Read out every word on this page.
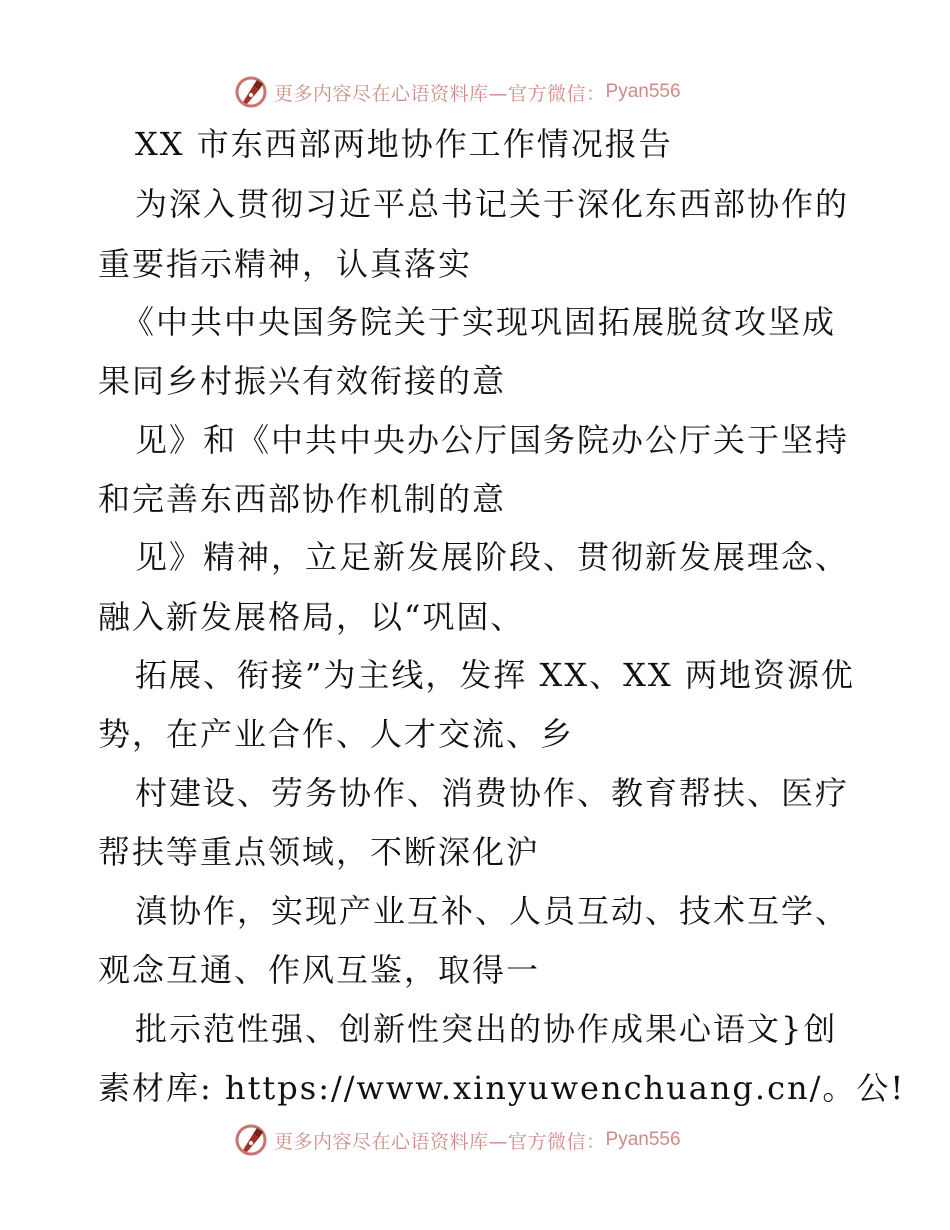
更多内容尽在心语资料库—官方微信： Pyan556
XX 市东西部两地协作工作情况报告
为深入贯彻习近平总书记关于深化东西部协作的
重要指示精神，认真落实
《中共中央国务院关于实现巩固拓展脱贫攻坚成
果同乡村振兴有效衔接的意
见》和《中共中央办公厅国务院办公厅关于坚持
和完善东西部协作机制的意
见》精神，立足新发展阶段、贯彻新发展理念、
融入新发展格局，以“巩固、
拓展、衔接”为主线，发挥 XX、XX 两地资源优
势，在产业合作、人才交流、乡
村建设、劳务协作、消费协作、教育帮扶、医疗
帮扶等重点领域，不断深化沪
滇协作，实现产业互补、人员互动、技术互学、
观念互通、作风互鉴，取得一
批示范性强、创新性突出的协作成果心语文}创
素材库: https://www.xinyuwenchuang.cn/。公!
更多内容尽在心语资料库—官方微信： Pyan556
